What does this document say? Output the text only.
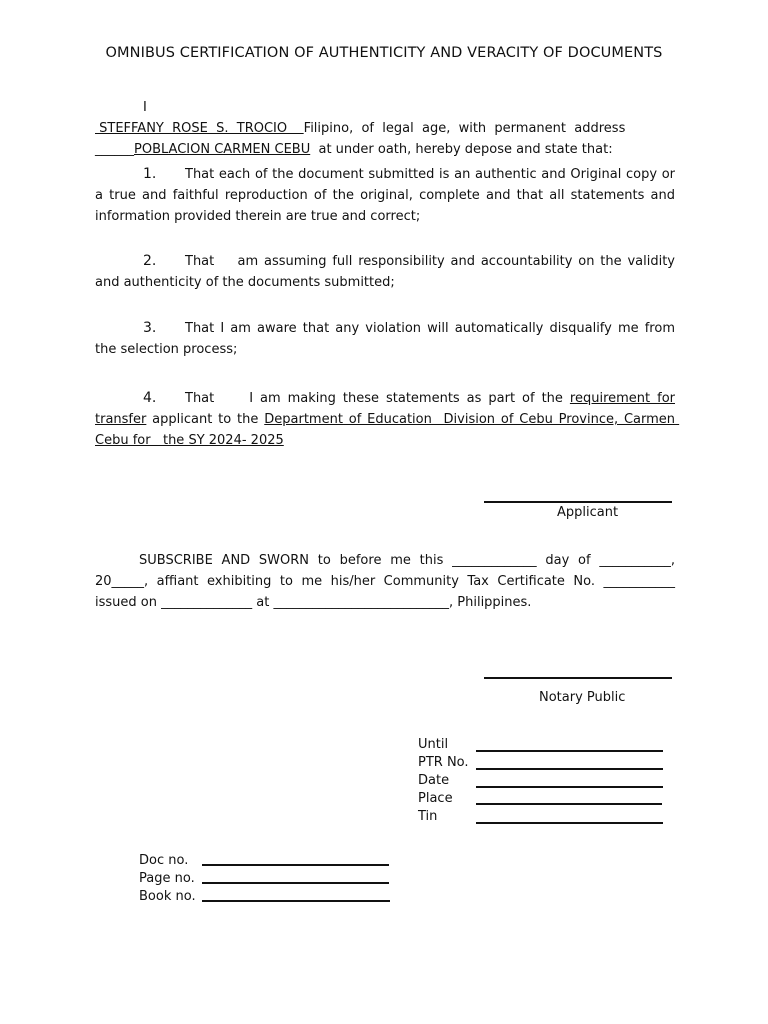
OMNIBUS CERTIFICATION OF AUTHENTICITY AND VERACITY OF DOCUMENTS
I STEFFANY  ROSE  S.  TROCIO    Filipino,  of  legal  age,  with  permanent  address
______POBLACION CARMEN CEBU  at under oath, hereby depose and state that:
1. That each of the document submitted is an authentic and Original copy or a true and faithful reproduction of the original, complete and that all statements and information provided therein are true and correct;
2. That    am assuming full responsibility and accountability on the validity and authenticity of the documents submitted;
3. That I am aware that any violation will automatically disqualify me from the selection process;
4. That     I am making these statements as part of the requirement for transfer applicant to the Department of Education  Division of Cebu Province, Carmen Cebu for   the SY 2024- 2025
Applicant
SUBSCRIBE AND SWORN to before me this _____________ day of ___________, 20_____, affiant exhibiting to me his/her Community Tax Certificate No. ___________ issued on ______________ at ___________________________, Philippines.
Notary Public
Until
PTR No.
Date
Place
Tin
Doc no.
Page no.
Book no.
